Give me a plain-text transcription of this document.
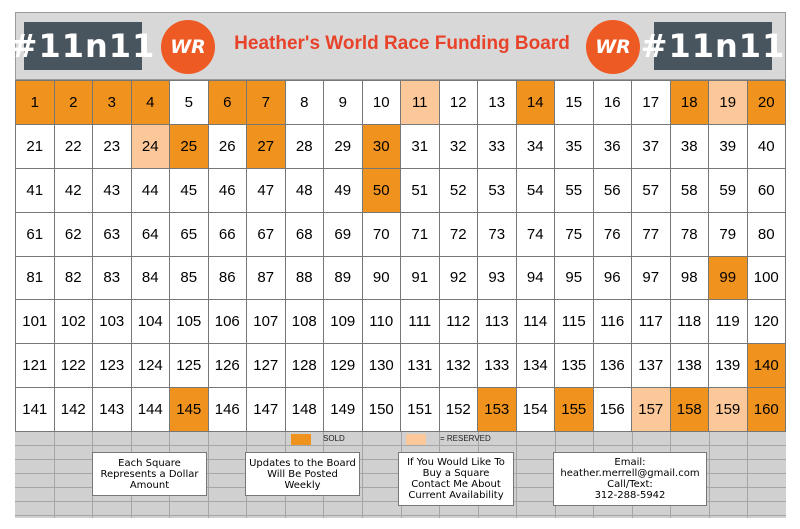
#11n11 WR	Heather's World Race Funding Board	WR #11n11
1	2	3	4	5	6	7	8	9	10	11	12	13	14	15	16	17	18	19	20
21	22	23	24	25	26	27	28	29	30	31	32	33	34	35	36	37	38	39	40
41	42	43	44	45	46	47	48	49	50	51	52	53	54	55	56	57	58	59	60
61	62	63	64	65	66	67	68	69	70	71	72	73	74	75	76	77	78	79	80
81	82	83	84	85	86	87	88	89	90	91	92	93	94	95	96	97	98	99	100
101 102 103 104 105 106 107 108 109 110	111	112 113 114 115 116 117 118 119 120
121 122 123 124 125 126 127 128 129 130 131 132 133 134 135 136 137 138 139 140
141 142 143 144 145 146 147 148 149 150 151 152 153 154 155 156 157 158 159 160
SOLD	= RESERVED
Each Square
Represents a Dollar
Amount
Updates to the Board
Will Be Posted
Weekly
If You Would Like To
Buy a Square
Contact Me About
Current Availability
Email:
heather.merrell@gmail.com
Call/Text:
312-288-5942
